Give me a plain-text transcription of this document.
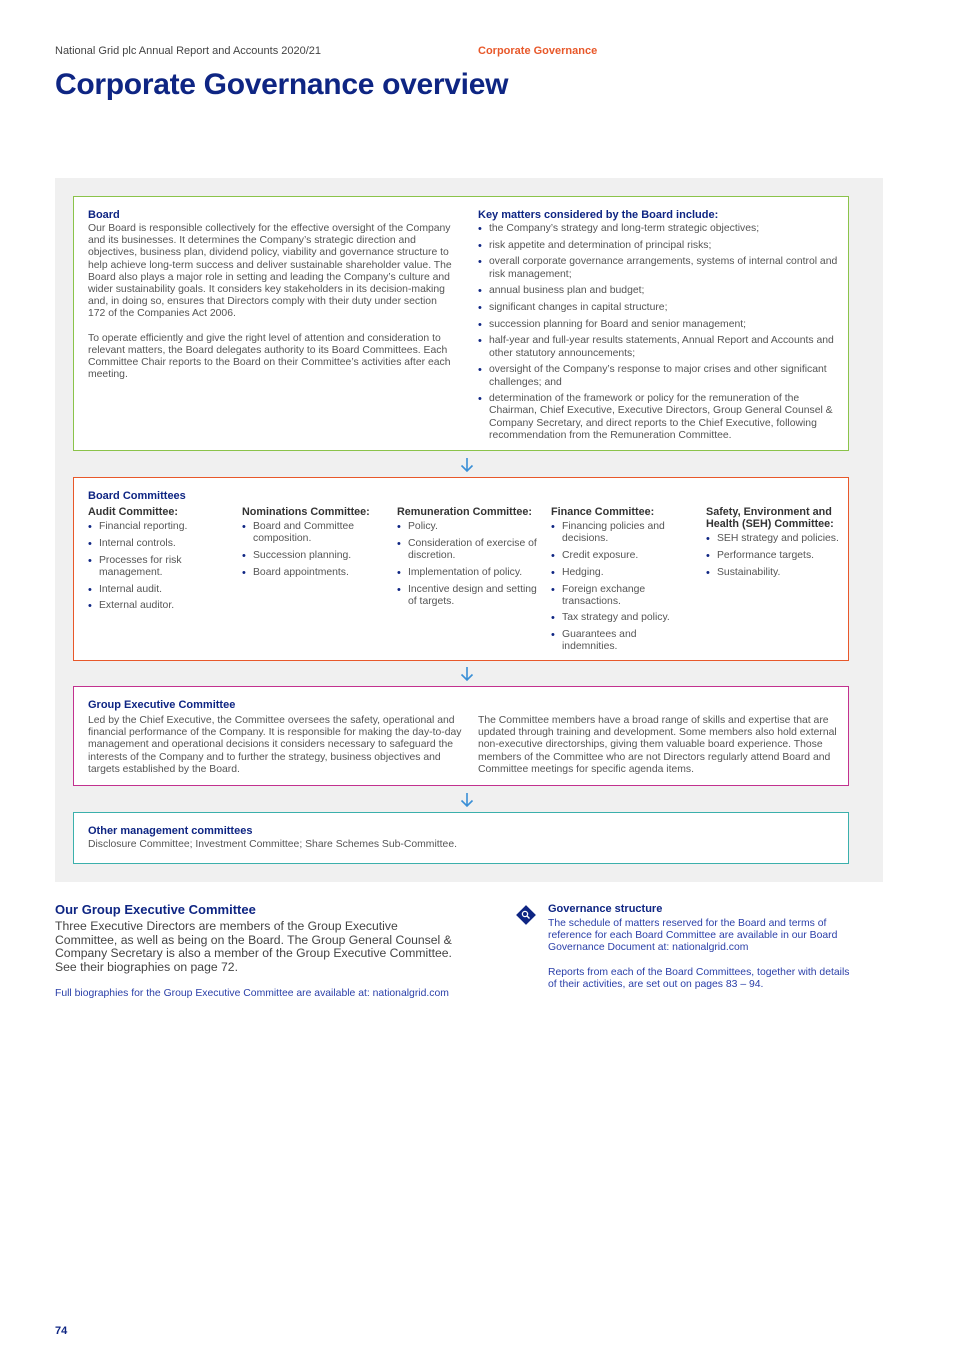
National Grid plc Annual Report and Accounts 2020/21	Corporate Governance
Corporate Governance overview
Board

Our Board is responsible collectively for the effective oversight of the Company and its businesses. It determines the Company’s strategic direction and objectives, business plan, dividend policy, viability and governance structure to help achieve long-term success and deliver sustainable shareholder value. The Board also plays a major role in setting and leading the Company’s culture and wider sustainability goals. It considers key stakeholders in its decision-making and, in doing so, ensures that Directors comply with their duty under section 172 of the Companies Act 2006.

To operate efficiently and give the right level of attention and consideration to relevant matters, the Board delegates authority to its Board Committees. Each Committee Chair reports to the Board on their Committee’s activities after each meeting.

Key matters considered by the Board include:
• the Company’s strategy and long-term strategic objectives;
• risk appetite and determination of principal risks;
• overall corporate governance arrangements, systems of internal control and risk management;
• annual business plan and budget;
• significant changes in capital structure;
• succession planning for Board and senior management;
• half-year and full-year results statements, Annual Report and Accounts and other statutory announcements;
• oversight of the Company’s response to major crises and other significant challenges; and
• determination of the framework or policy for the remuneration of the Chairman, Chief Executive, Executive Directors, Group General Counsel & Company Secretary, and direct reports to the Chief Executive, following recommendation from the Remuneration Committee.
Board Committees
Audit Committee:
• Financial reporting.
• Internal controls.
• Processes for risk management.
• Internal audit.
• External auditor.
Nominations Committee:
• Board and Committee composition.
• Succession planning.
• Board appointments.
Remuneration Committee:
• Policy.
• Consideration of exercise of discretion.
• Implementation of policy.
• Incentive design and setting of targets.
Finance Committee:
• Financing policies and decisions.
• Credit exposure.
• Hedging.
• Foreign exchange transactions.
• Tax strategy and policy.
• Guarantees and indemnities.
Safety, Environment and Health (SEH) Committee:
• SEH strategy and policies.
• Performance targets.
• Sustainability.
Group Executive Committee

Led by the Chief Executive, the Committee oversees the safety, operational and financial performance of the Company. It is responsible for making the day-to-day management and operational decisions it considers necessary to safeguard the interests of the Company and to further the strategy, business objectives and targets established by the Board.

The Committee members have a broad range of skills and expertise that are updated through training and development. Some members also hold external non-executive directorships, giving them valuable board experience. Those members of the Committee who are not Directors regularly attend Board and Committee meetings for specific agenda items.

Other management committees

Disclosure Committee; Investment Committee; Share Schemes Sub-Committee.

Our Group Executive Committee

Three Executive Directors are members of the Group Executive Committee, as well as being on the Board. The Group General Counsel & Company Secretary is also a member of the Group Executive Committee. See their biographies on page 72.

Full biographies for the Group Executive Committee are available at: nationalgrid.com

Governance structure

The schedule of matters reserved for the Board and terms of reference for each Board Committee are available in our Board Governance Document at: nationalgrid.com

Reports from each of the Board Committees, together with details of their activities, are set out on pages 83 – 94.

74
